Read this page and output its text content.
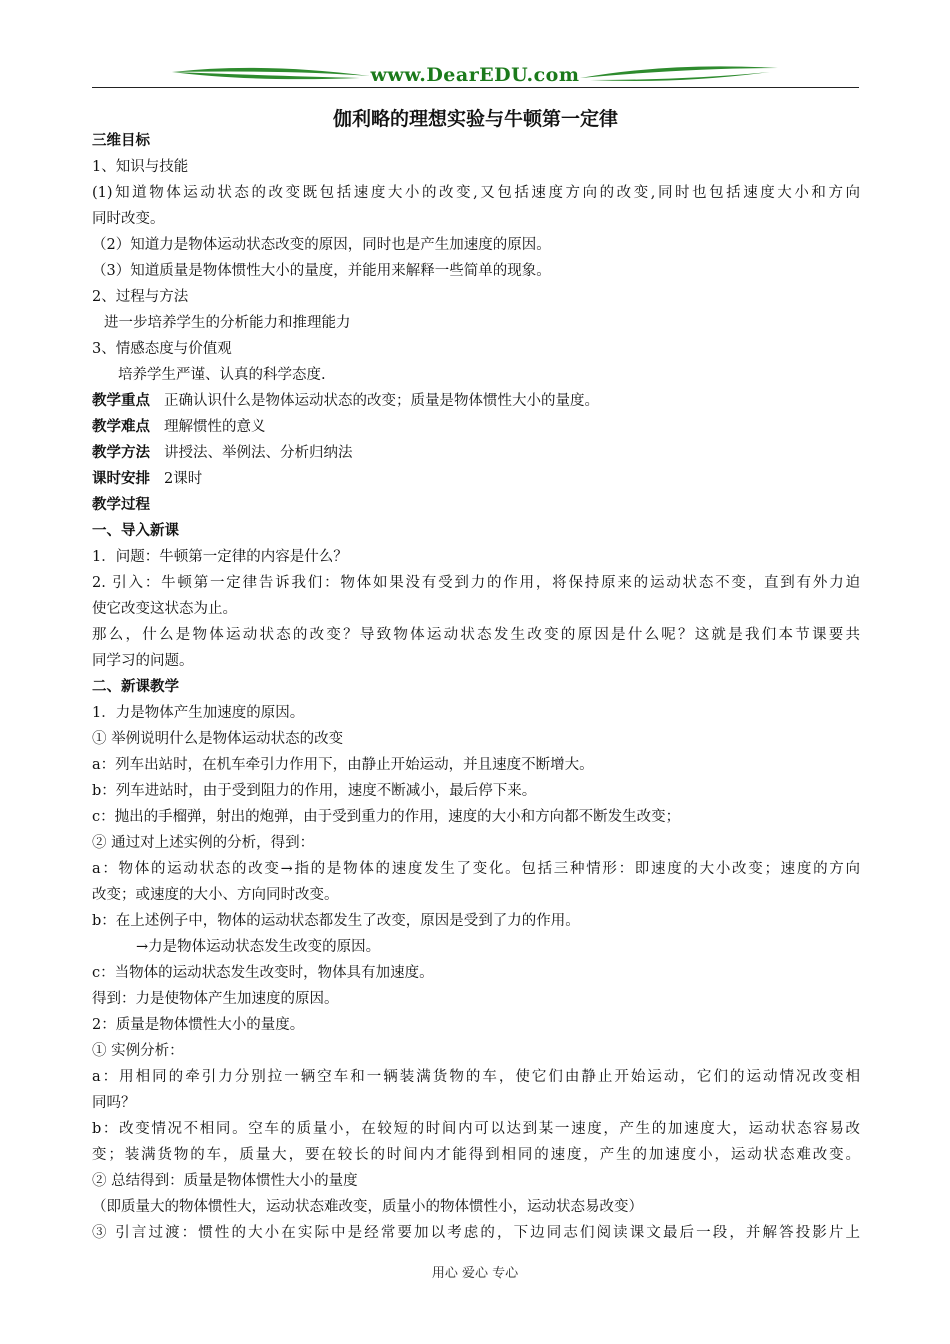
www.DearEDU.com
伽利略的理想实验与牛顿第一定律
三维目标
1、知识与技能
(1)知道物体运动状态的改变既包括速度大小的改变,又包括速度方向的改变,同时也包括速度大小和方向
同时改变。
（2）知道力是物体运动状态改变的原因，同时也是产生加速度的原因。
（3）知道质量是物体惯性大小的量度，并能用来解释一些简单的现象。
2、过程与方法
进一步培养学生的分析能力和推理能力
3、情感态度与价值观
培养学生严谨、认真的科学态度.
教学重点 正确认识什么是物体运动状态的改变；质量是物体惯性大小的量度。
教学难点 理解惯性的意义
教学方法 讲授法、举例法、分析归纳法
课时安排 2课时
教学过程
一、导入新课
1．问题：牛顿第一定律的内容是什么？
2. 引入：牛顿第一定律告诉我们：物体如果没有受到力的作用，将保持原来的运动状态不变，直到有外力迫
使它改变这状态为止。
那么，什么是物体运动状态的改变？导致物体运动状态发生改变的原因是什么呢？这就是我们本节课要共
同学习的问题。
二、新课教学
1．力是物体产生加速度的原因。
① 举例说明什么是物体运动状态的改变
a：列车出站时，在机车牵引力作用下，由静止开始运动，并且速度不断增大。
b：列车进站时，由于受到阻力的作用，速度不断减小，最后停下来。
c：抛出的手榴弹，射出的炮弹，由于受到重力的作用，速度的大小和方向都不断发生改变；
② 通过对上述实例的分析，得到：
a：物体的运动状态的改变→指的是物体的速度发生了变化。包括三种情形：即速度的大小改变；速度的方向
改变；或速度的大小、方向同时改变。
b：在上述例子中，物体的运动状态都发生了改变，原因是受到了力的作用。
→力是物体运动状态发生改变的原因。
c：当物体的运动状态发生改变时，物体具有加速度。
得到：力是使物体产生加速度的原因。
2：质量是物体惯性大小的量度。
① 实例分析：
a：用相同的牵引力分别拉一辆空车和一辆装满货物的车，使它们由静止开始运动，它们的运动情况改变相
同吗？
b：改变情况不相同。空车的质量小，在较短的时间内可以达到某一速度，产生的加速度大，运动状态容易改
变；装满货物的车，质量大，要在较长的时间内才能得到相同的速度，产生的加速度小，运动状态难改变。
② 总结得到：质量是物体惯性大小的量度
（即质量大的物体惯性大，运动状态难改变，质量小的物体惯性小，运动状态易改变）
③ 引言过渡：惯性的大小在实际中是经常要加以考虑的，下边同志们阅读课文最后一段，并解答投影片上
用心 爱心 专心
